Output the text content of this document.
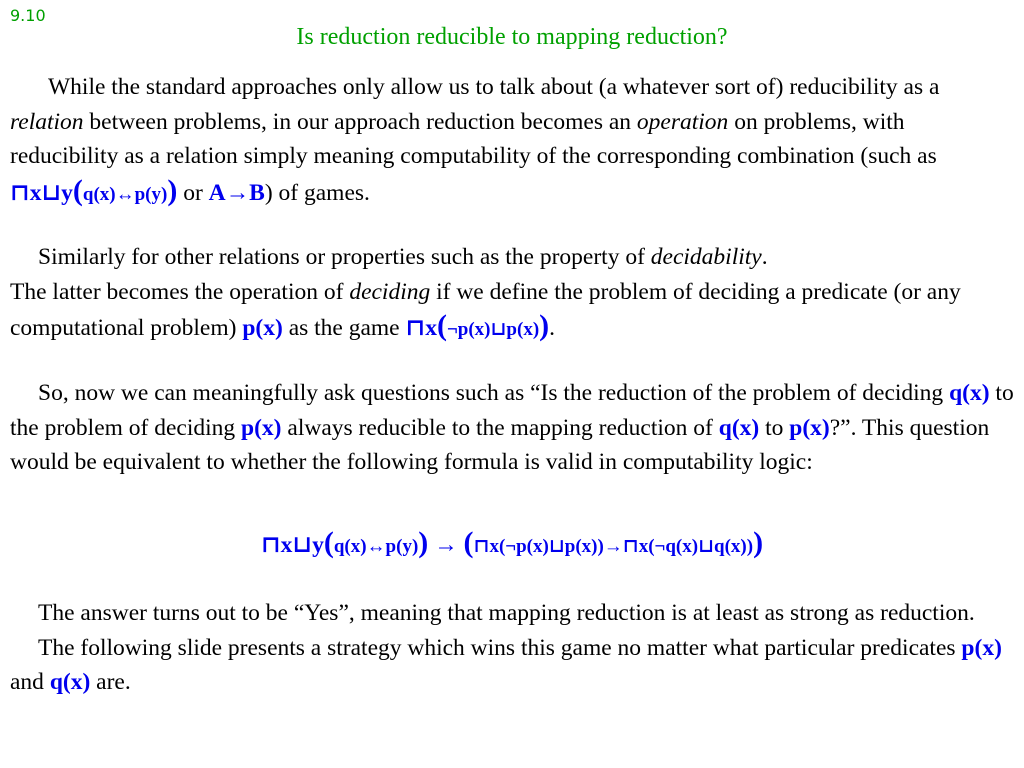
9.10
Is reduction reducible to mapping reduction?

While the standard approaches only allow us to talk about (a whatever sort of) reducibility as a relation between problems, in our approach reduction becomes an operation on problems, with reducibility as a relation simply meaning computability of the corresponding combination (such as ⊓x⊔y(q(x)↔p(y)) or A→B) of games.

Similarly for other relations or properties such as the property of decidability.
The latter becomes the operation of deciding if we define the problem of deciding a predicate (or any computational problem) p(x) as the game ⊓x(¬p(x)⊔p(x)).

So, now we can meaningfully ask questions such as “Is the reduction of the problem of deciding q(x) to the problem of deciding p(x) always reducible to the mapping reduction of q(x) to p(x)?”. This question would be equivalent to whether the following formula is valid in computability logic:

⊓x⊔y(q(x)↔p(y)) → (⊓x(¬p(x)⊔p(x))→⊓x(¬q(x)⊔q(x)))

The answer turns out to be “Yes”, meaning that mapping reduction is at least as strong as reduction.
The following slide presents a strategy which wins this game no matter what particular predicates p(x) and q(x) are.
